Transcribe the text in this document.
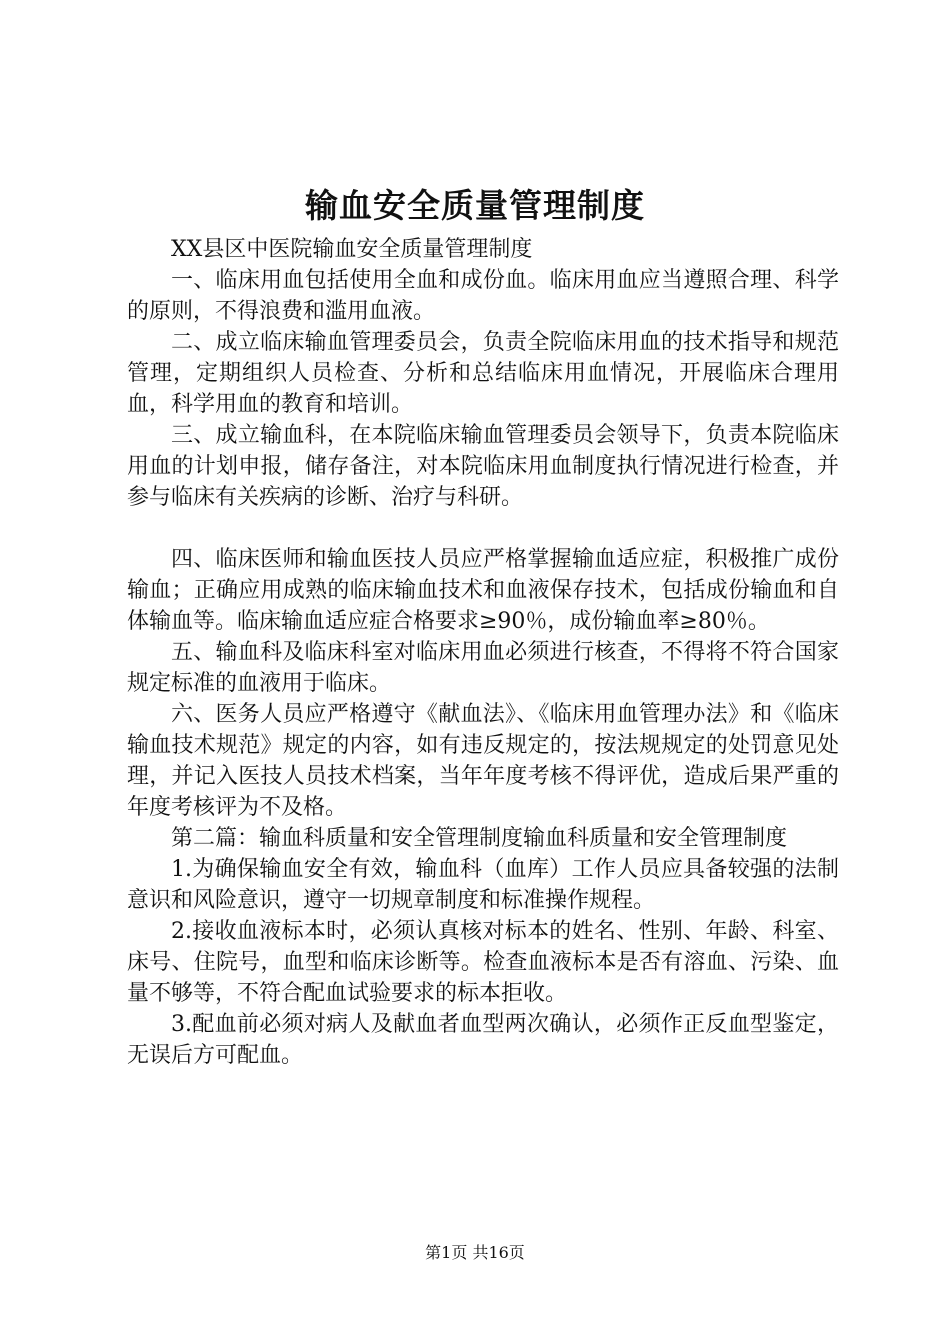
输血安全质量管理制度

XX县区中医院输血安全质量管理制度

一、临床用血包括使用全血和成份血。临床用血应当遵照合理、科学的原则，不得浪费和滥用血液。

二、成立临床输血管理委员会，负责全院临床用血的技术指导和规范管理，定期组织人员检查、分析和总结临床用血情况，开展临床合理用血，科学用血的教育和培训。

三、成立输血科，在本院临床输血管理委员会领导下，负责本院临床用血的计划申报，储存备注，对本院临床用血制度执行情况进行检查，并参与临床有关疾病的诊断、治疗与科研。

四、临床医师和输血医技人员应严格掌握输血适应症，积极推广成份输血；正确应用成熟的临床输血技术和血液保存技术，包括成份输血和自体输血等。临床输血适应症合格要求≥90％，成份输血率≥80％。

五、输血科及临床科室对临床用血必须进行核查，不得将不符合国家规定标准的血液用于临床。

六、医务人员应严格遵守《献血法》、《临床用血管理办法》和《临床输血技术规范》规定的内容，如有违反规定的，按法规规定的处罚意见处理，并记入医技人员技术档案，当年年度考核不得评优，造成后果严重的年度考核评为不及格。

第二篇：输血科质量和安全管理制度输血科质量和安全管理制度

1.为确保输血安全有效，输血科（血库）工作人员应具备较强的法制意识和风险意识，遵守一切规章制度和标准操作规程。

2.接收血液标本时，必须认真核对标本的姓名、性别、年龄、科室、床号、住院号，血型和临床诊断等。检查血液标本是否有溶血、污染、血量不够等，不符合配血试验要求的标本拒收。

3.配血前必须对病人及献血者血型两次确认，必须作正反血型鉴定，无误后方可配血。

第1页 共16页
